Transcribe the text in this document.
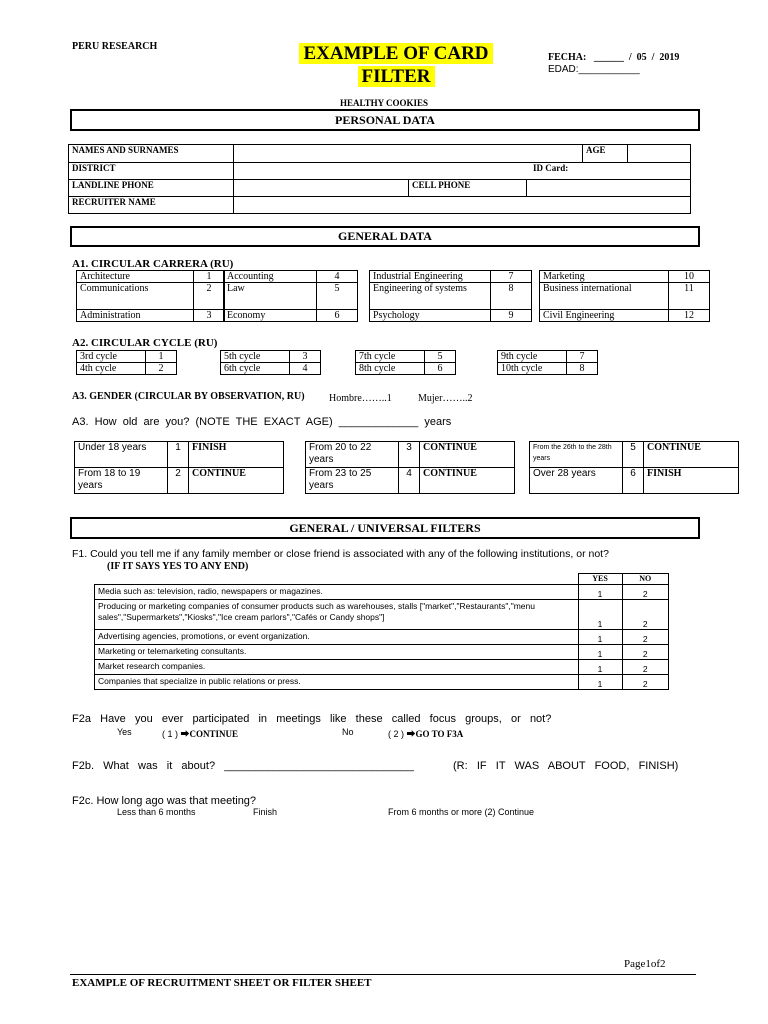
PERU RESEARCH	EXAMPLE OF CARD
FILTER
FECHA: ______  /  05  /  2019
EDAD:___________
HEALTHY COOKIES
PERSONAL DATA
NAMES AND SURNAMES		AGE	
DISTRICT	ID Card:		
LANDLINE PHONE	CELL PHONE		

RECRUITER NAME			
GENERAL DATA
A1. CIRCULAR CARRERA (RU)
Architecture	1
Communications	2
Administration	3
Accounting	4
Law	5
Economy	6
Industrial Engineering	7
Engineering of systems	8
Psychology	9
Marketing	10
Business international	11
Civil Engineering	12
A2. CIRCULAR CYCLE (RU)
3rd cycle	1
4th cycle	2
5th cycle	3
6th cycle	4
7th cycle	5
8th cycle	6
9th cycle	7
10th cycle	8
A3. GENDER (CIRCULAR BY OBSERVATION, RU) Hombre……..1	Mujer……..2
A3.  How  old  are  you?  (NOTE  THE  EXACT  AGE)  _____________  years
Under 18 years	1	FINISH
From 18 to 19 years	2	CONTINUE
From 20 to 22 years	3	CONTINUE
From 23 to 25 years	4	CONTINUE
From the 26th to the 28th years	5	CONTINUE
Over 28 years	6	FINISH
GENERAL / UNIVERSAL FILTERS
F1. Could you tell me if any family member or close friend is associated with any of the following institutions, or not?
(IF IT SAYS YES TO ANY END)
	YES	NO
Media such as: television, radio, newspapers or magazines.	1	2
Producing or marketing companies of consumer products such as warehouses, stalls ["market","Restaurants","menu sales","Supermarkets","Kiosks","Ice cream parlors","Cafés or Candy shops"]	1	2
Advertising agencies, promotions, or event organization.	1	2
Marketing or telemarketing consultants.	1	2
Market research companies.	1	2
Companies that specialize in public relations or press.	1	2
F2a   Have   you   ever   participated   in   meetings   like   these   called   focus   groups,   or   not?
Yes	( 1 ) ⮕CONTINUE	No	( 2 ) ⮕GO TO F3A
F2b.   What   was   it   about?   _______________________________	(R:   IF   IT   WAS   ABOUT   FOOD,   FINISH)
F2c. How long ago was that meeting?
Less than 6 months	Finish	From 6 months or more (2) Continue
Page1of2
EXAMPLE OF RECRUITMENT SHEET OR FILTER SHEET
